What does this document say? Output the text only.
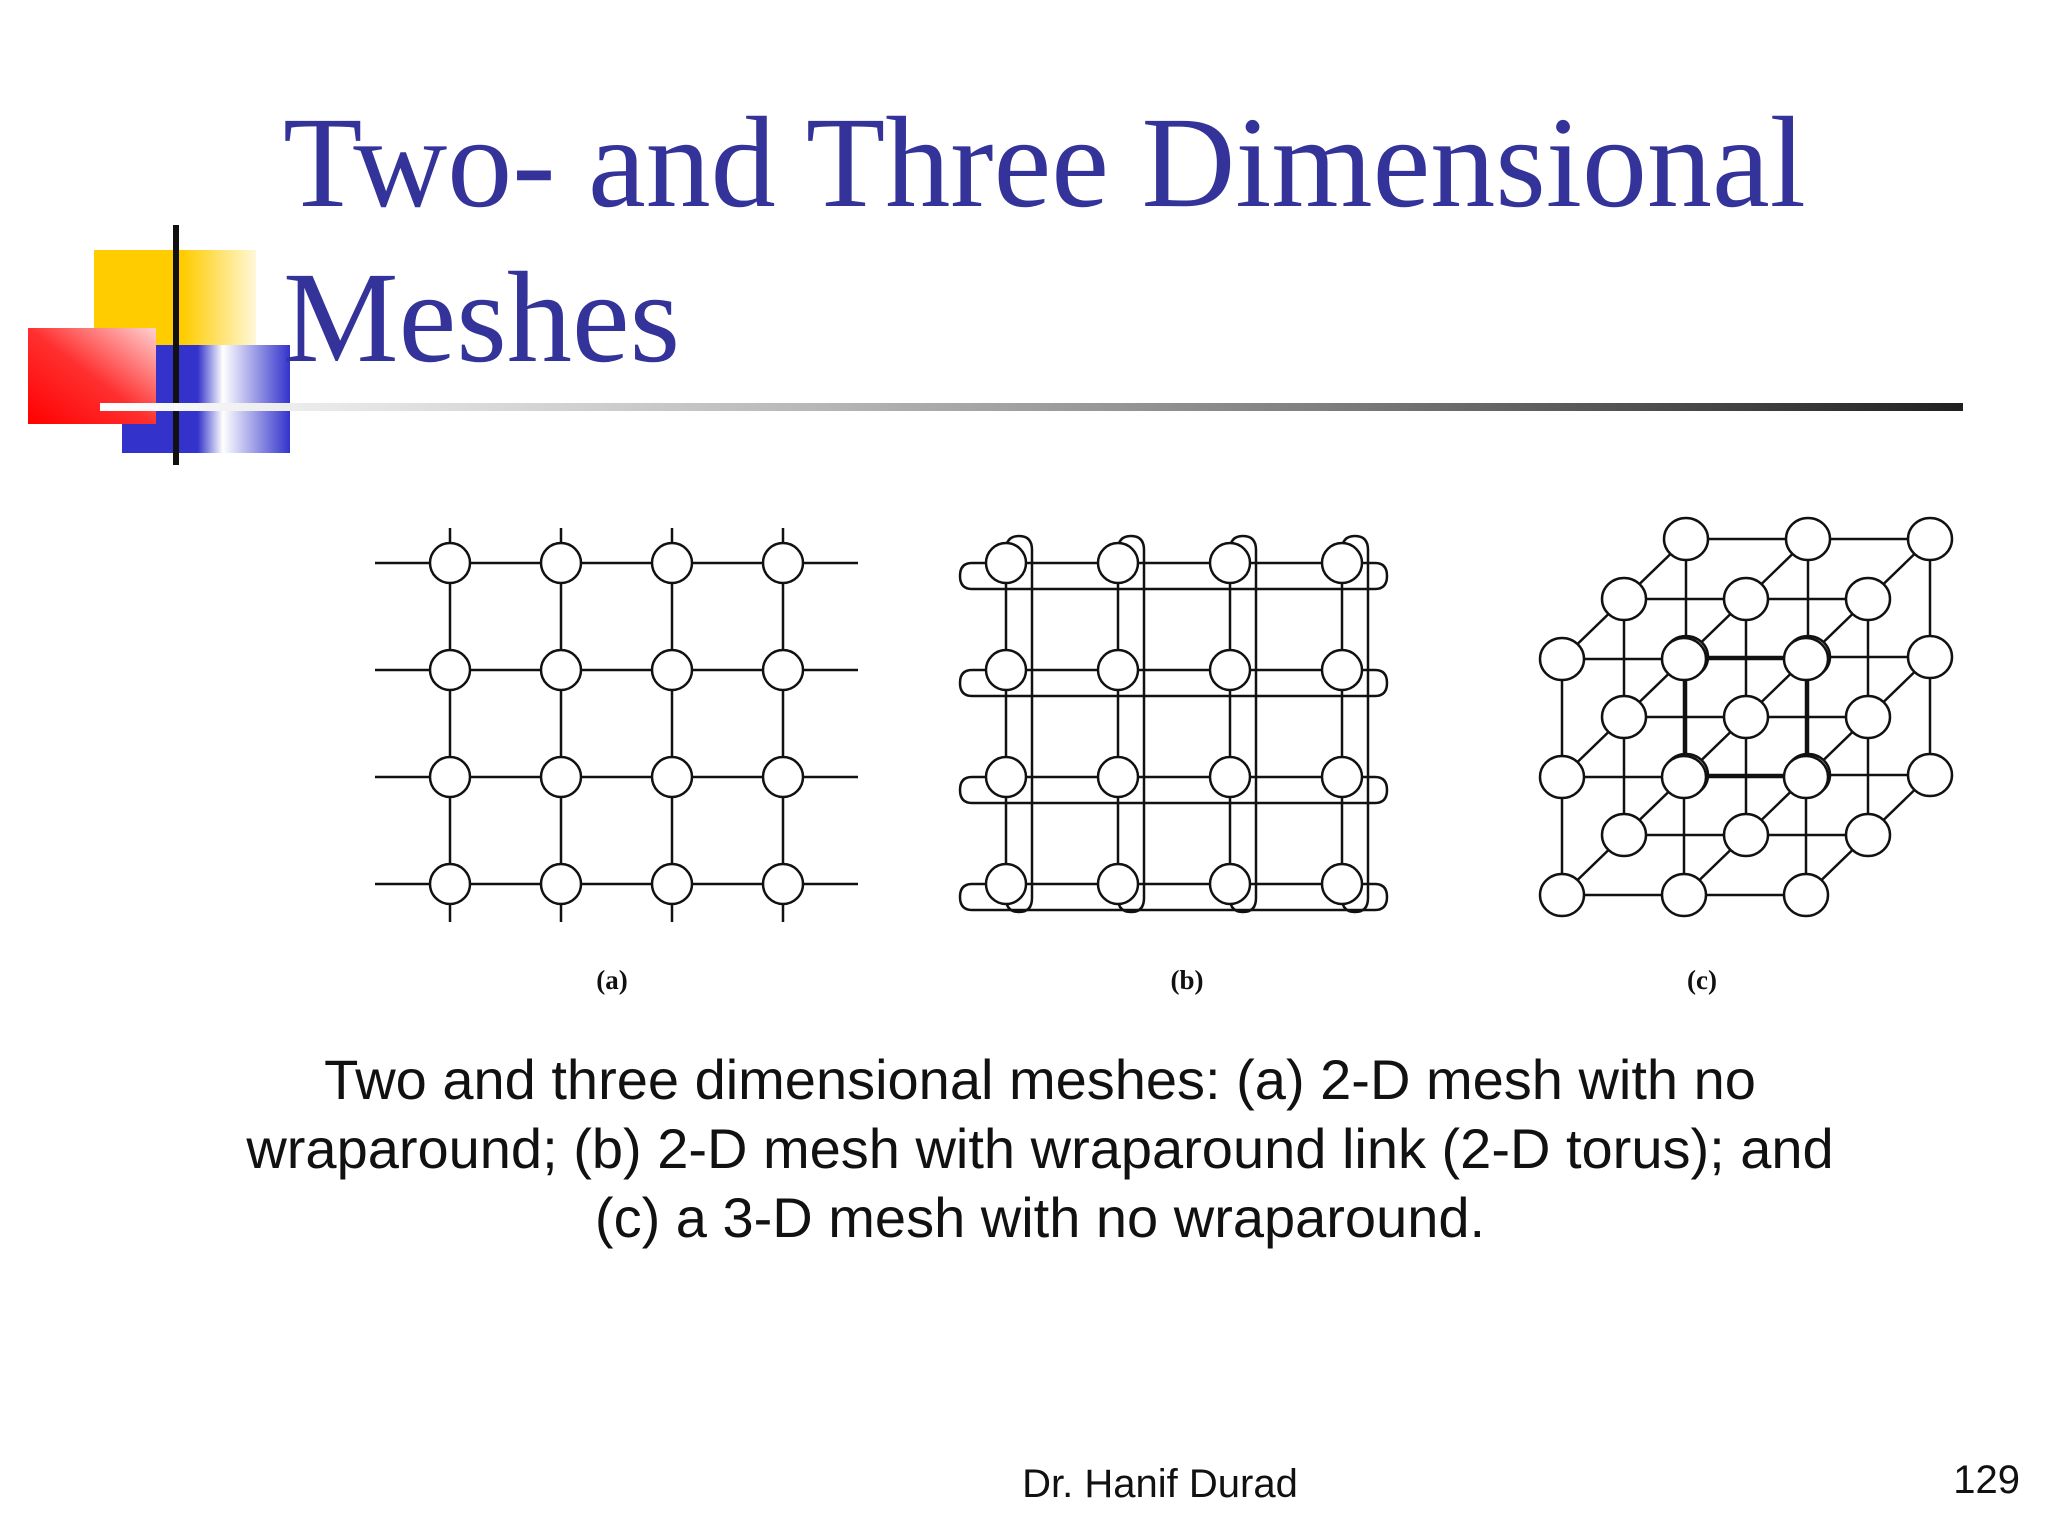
Two- and Three Dimensional
Meshes
(a)	(b)	(c)
Two and three dimensional meshes: (a) 2-D mesh with no
wraparound; (b) 2-D mesh with wraparound link (2-D torus); and
(c) a 3-D mesh with no wraparound.
Dr. Hanif Durad	129
